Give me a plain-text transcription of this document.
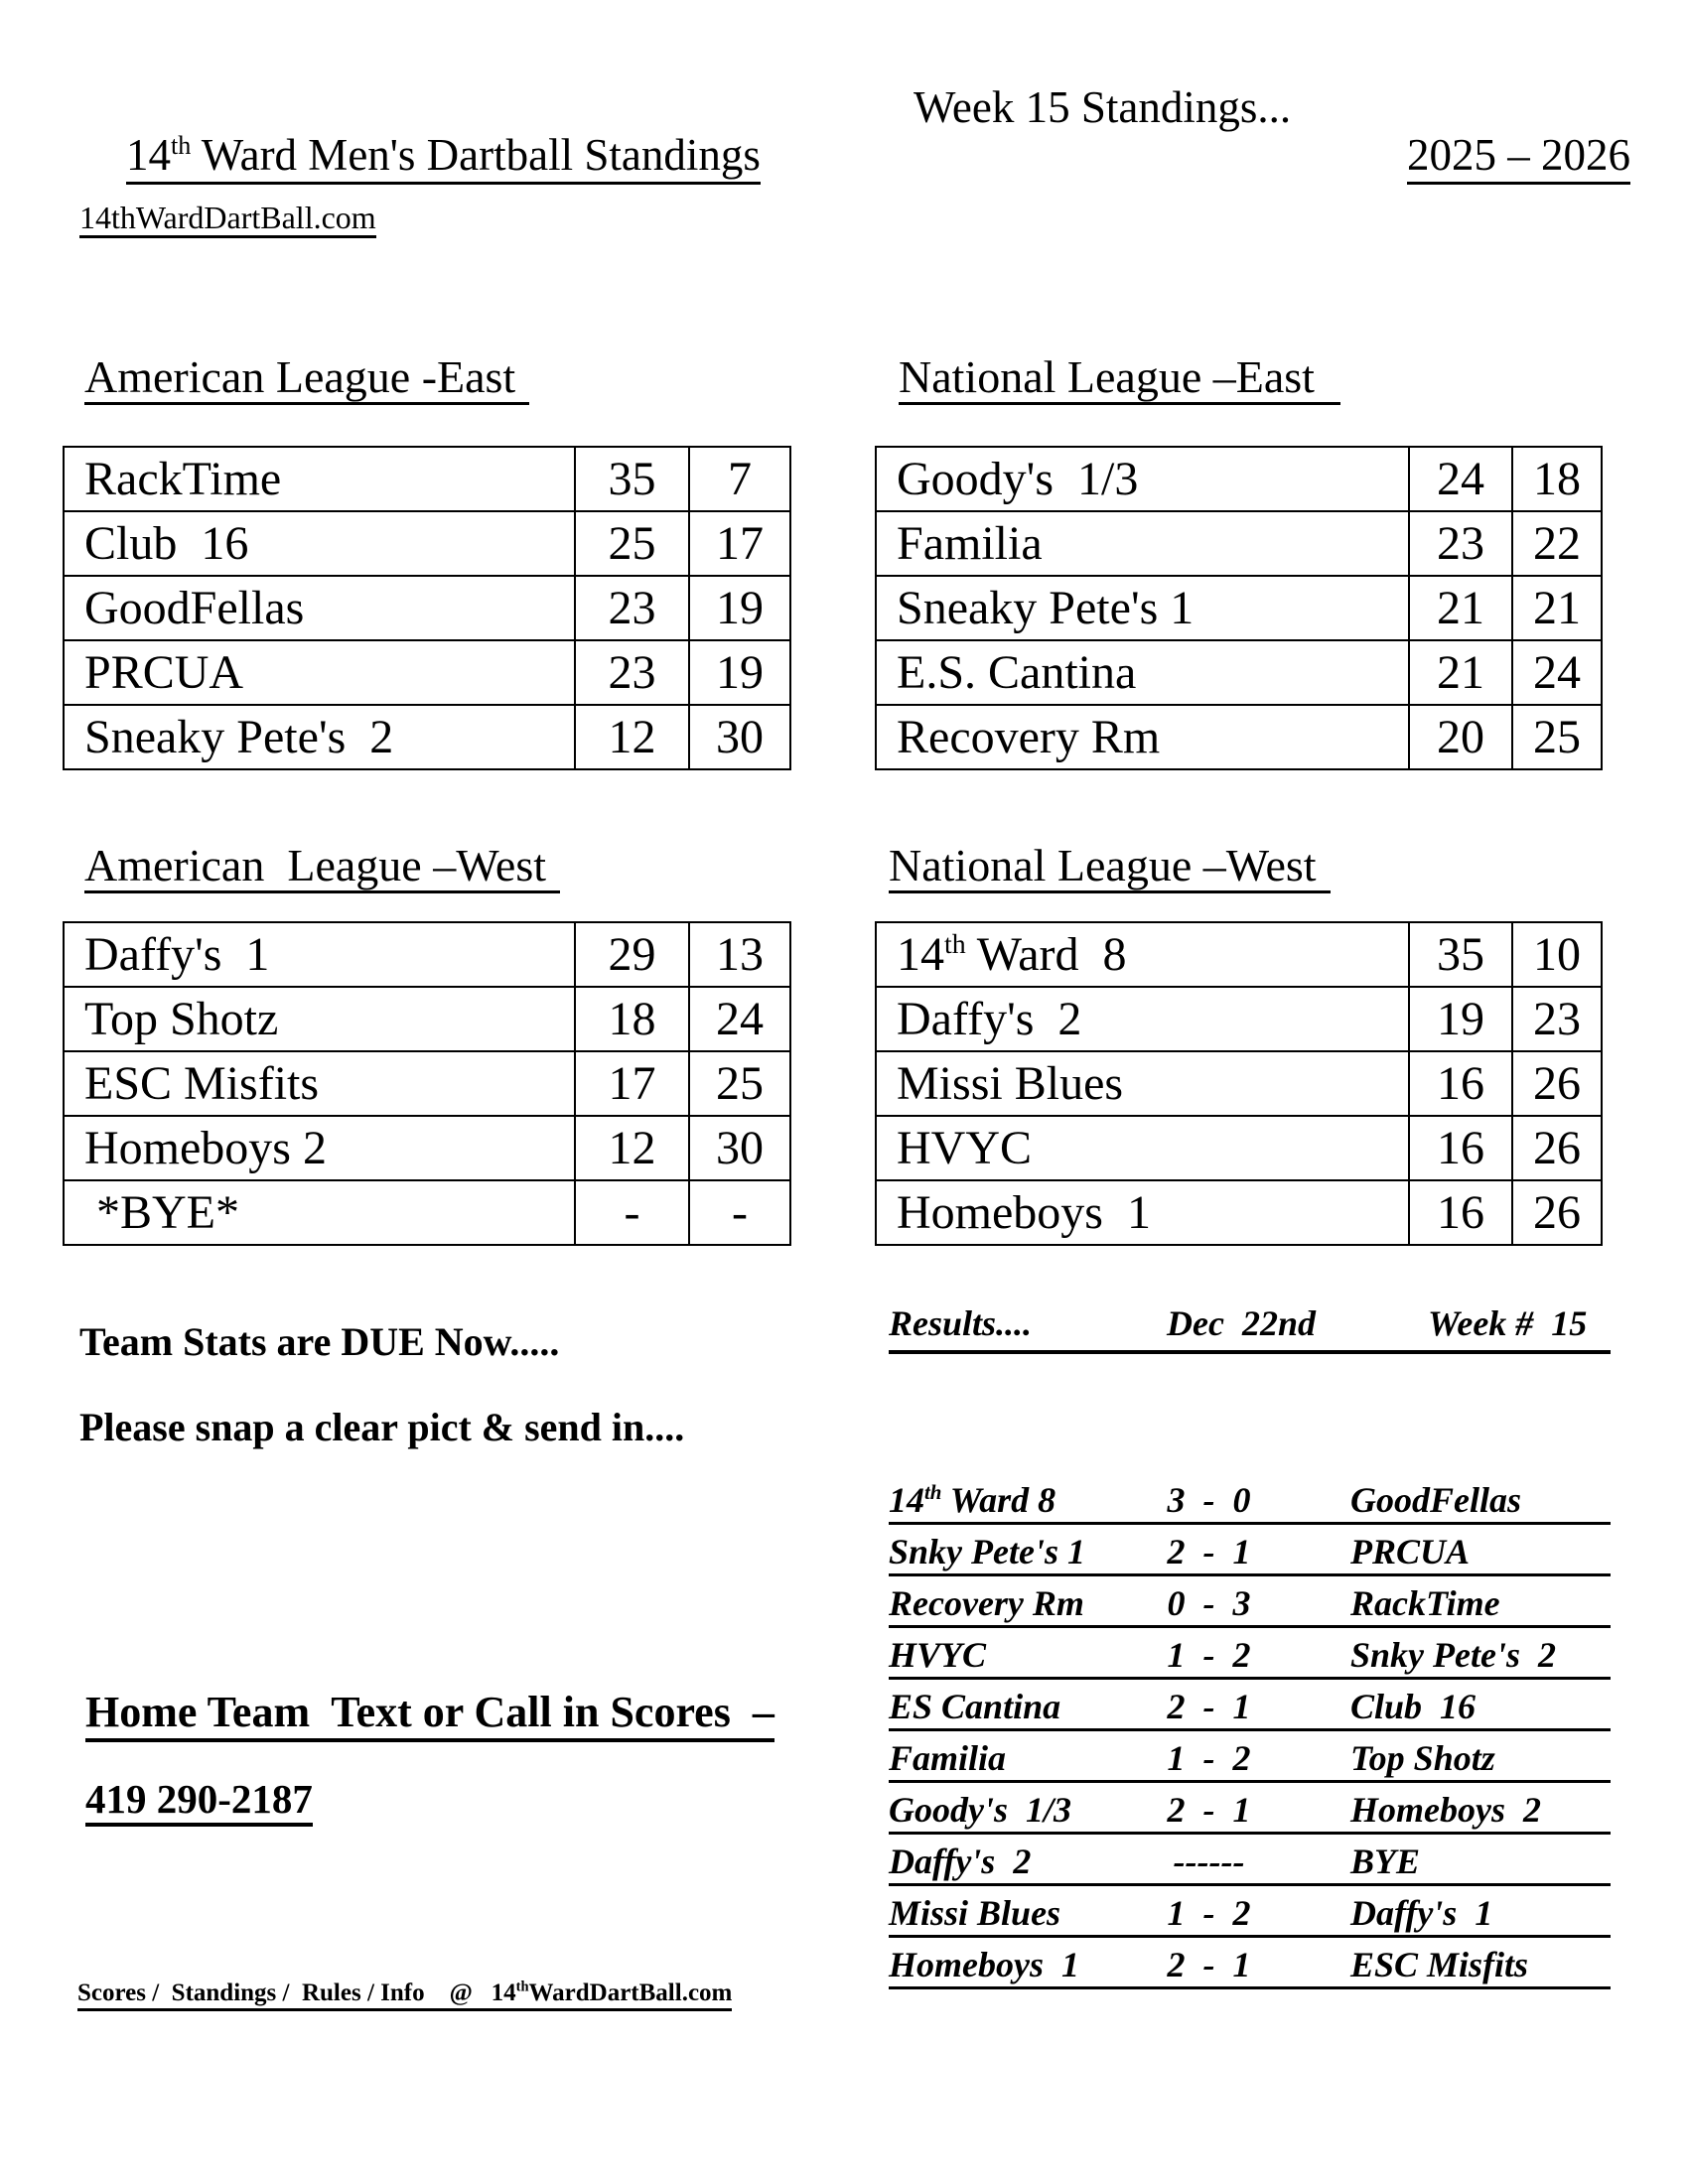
14th Ward Men's Dartball Standings

Week 15 Standings...

2025 – 2026

14thWardDartBall.com
American League -East	National League –East
American  League –West	National League –West
RackTime	35	7
Club  16	25	17
GoodFellas	23	19
PRCUA	23	19
Sneaky Pete's  2	12	30
Goody's  1/3	24	18
Familia	23	22
Sneaky Pete's 1	21	21
E.S. Cantina	21	24
Recovery Rm	20	25
Daffy's  1	29	13
Top Shotz	18	24
ESC Misfits	17	25
Homeboys 2	12	30
*BYE*	-	-
14th Ward  8	35	10
Daffy's  2	19	23
Missi Blues	16	26
HVYC	16	26
Homeboys  1	16	26
Team Stats are DUE Now.....
Please snap a clear pict & send in....
Results....	Dec  22nd	Week #  15
14th Ward 8	3  -  0	GoodFellas
Snky Pete's 1	2  -  1	PRCUA
Recovery Rm	0  -  3	RackTime
HVYC	1  -  2	Snky Pete's  2
ES Cantina	2  -  1	Club  16
Familia	1  -  2	Top Shotz
Goody's  1/3	2  -  1	Homeboys  2
Daffy's  2	------	BYE
Missi Blues	1  -  2	Daffy's  1
Homeboys  1	2  -  1	ESC Misfits

Home Team  Text or Call in Scores  –

419 290-2187

Scores /  Standings /  Rules / Info    @   14thWardDartBall.com
